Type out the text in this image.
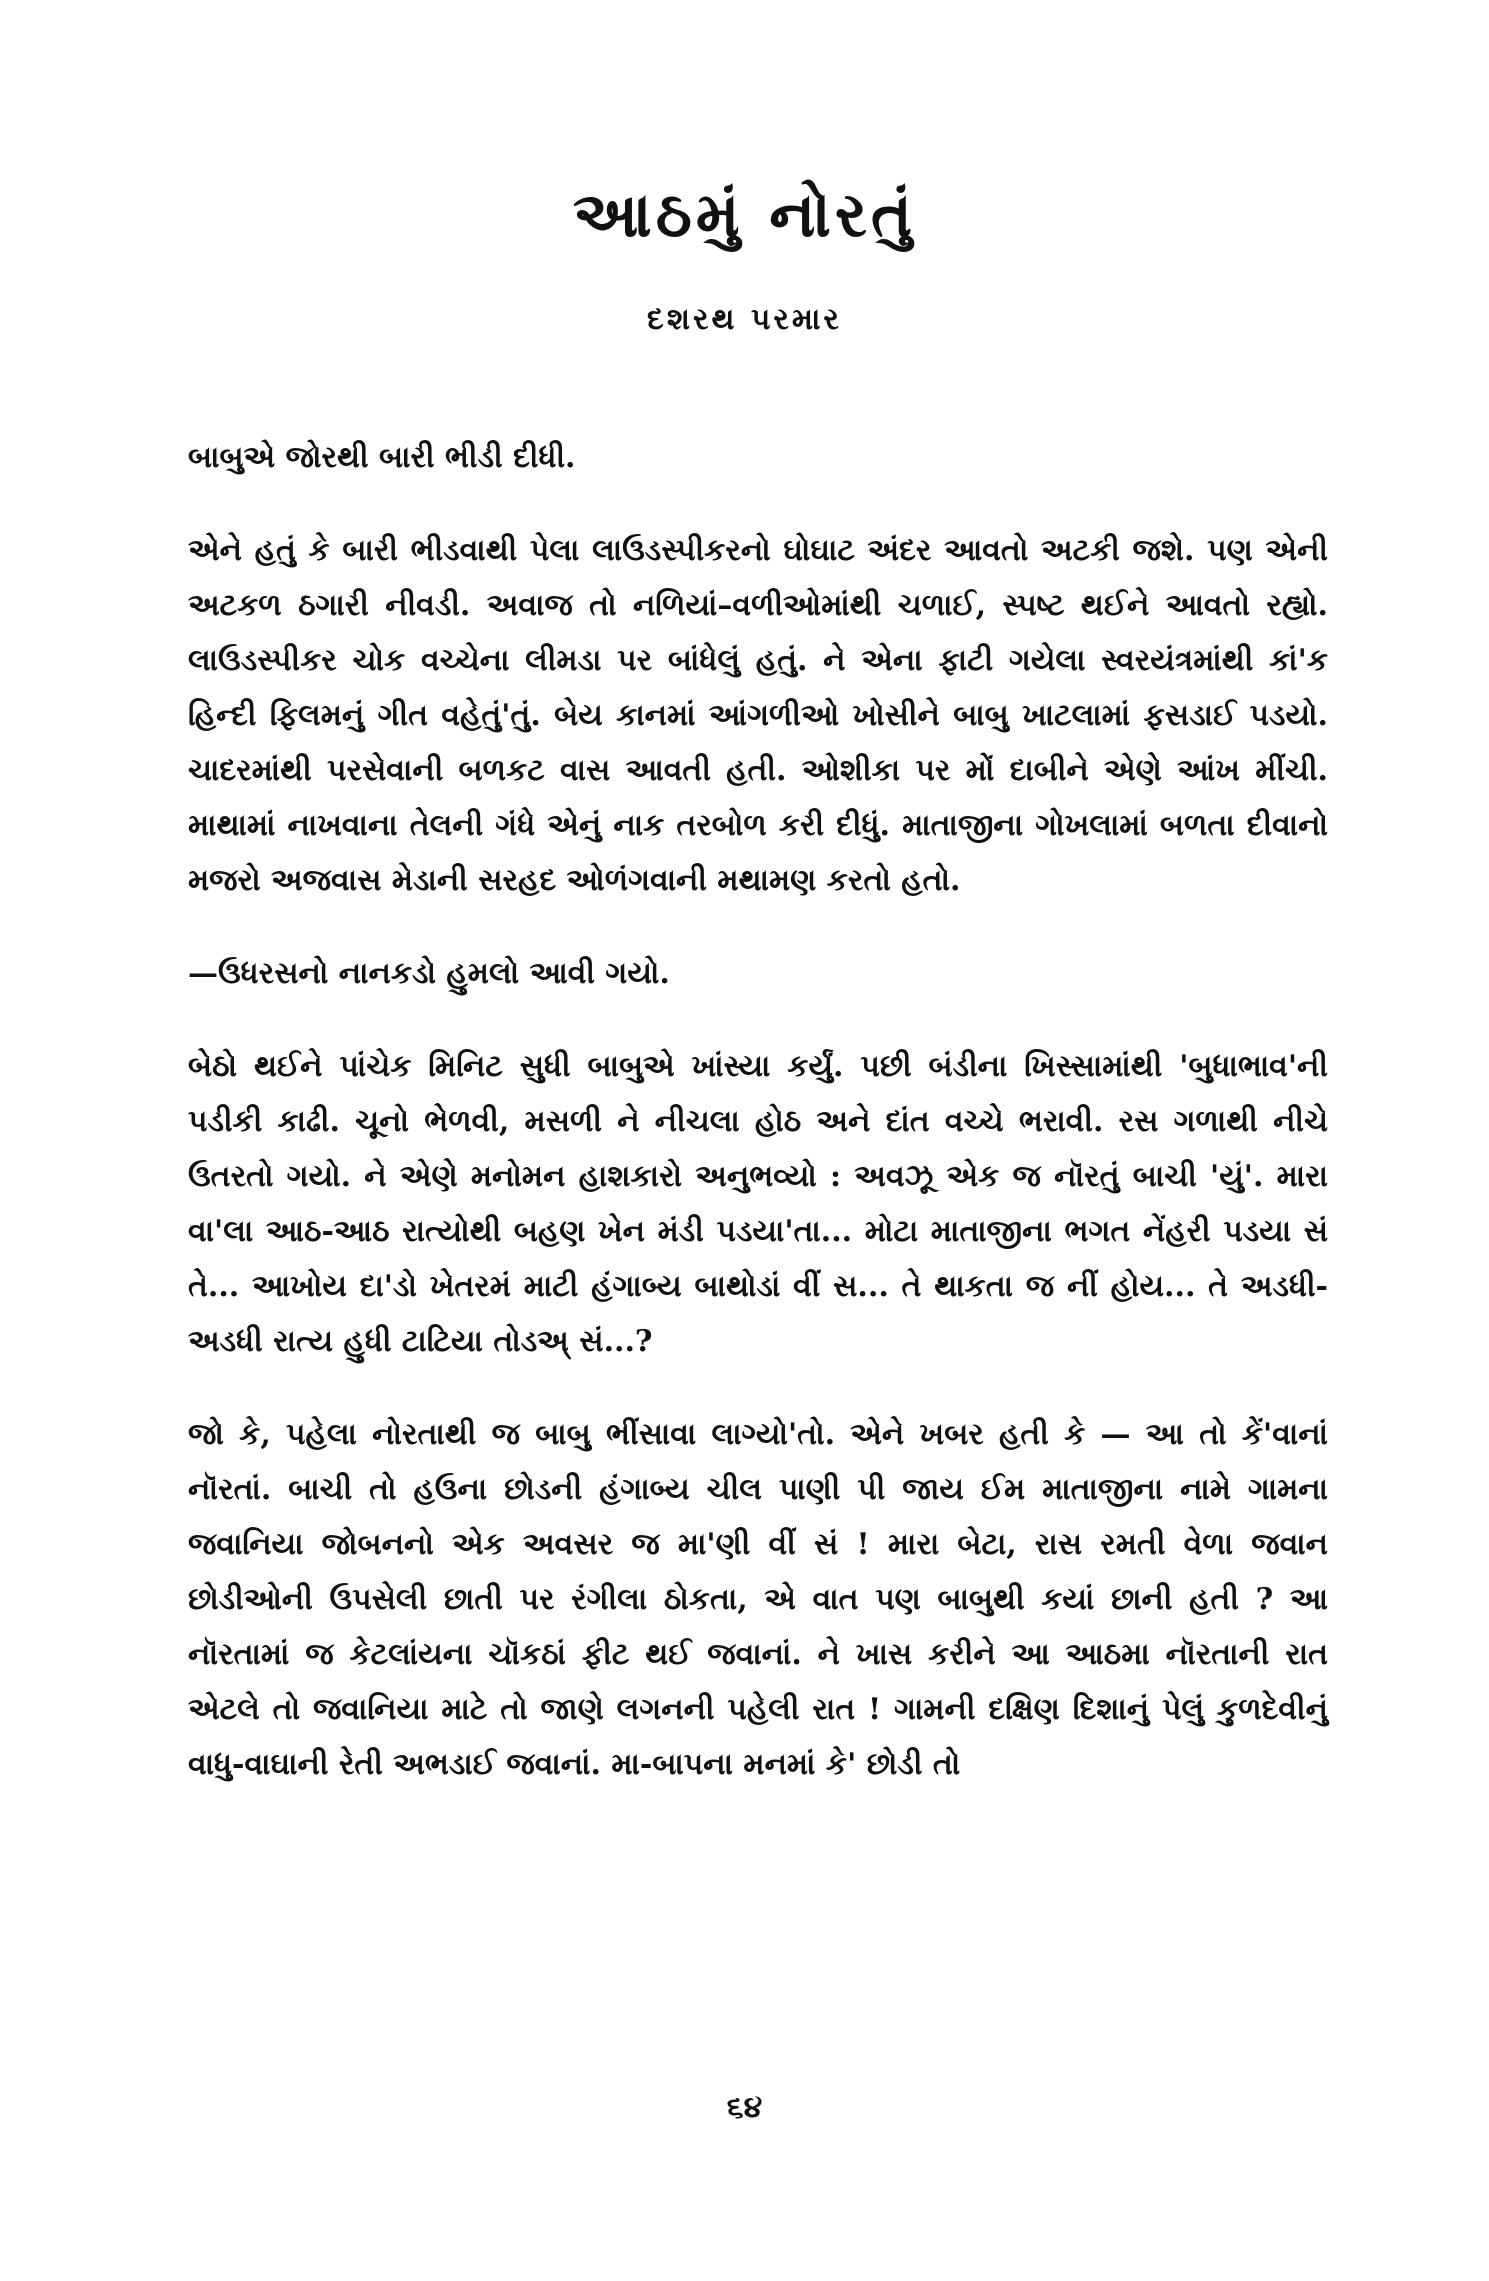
આઠમું નોરતું
દશરથ પરમાર

બાબુએ જોરથી બારી ભીડી દીધી.

એને હતું કે બારી ભીડવાથી પેલા લાઉડસ્પીકરનો ઘોઘાટ અંદર આવતો અટકી જશે. પણ એની અટકળ ઠગારી નીવડી. અવાજ તો નળિયાં–વળીઓમાંથી ચળાઈ, સ્પષ્ટ થઈને આવતો રહ્યો. લાઉડસ્પીકર ચોક વચ્ચેના લીમડા પર બાંધેલું હતું. ને એના ફાટી ગયેલા સ્વરયંત્રમાંથી કાં'ક હિન્દી ફિલમનું ગીત વહેતું'તું. બેય કાનમાં આંગળીઓ ખોસીને બાબુ ખાટલામાં ફસડાઈ પડયો. ચાદરમાંથી પરસેવાની બળકટ વાસ આવતી હતી. ઓશીકા પર મોં દાબીને એણે આંખ મીંચી. માથામાં નાખવાના તેલની ગંધે એનું નાક તરબોળ કરી દીધું. માતાજીના ગોખલામાં બળતા દીવાનો મજરો અજવાસ મેડાની સરહદ ઓળંગવાની મથામણ કરતો હતો.

—ઉધરસનો નાનકડો હુમલો આવી ગયો.

બેઠો થઈને પાંચેક મિનિટ સુધી બાબુએ ખાંસ્યા કર્યું. પછી બંડીના ખિસ્સામાંથી 'બુધાભાવ'ની પડીકી કાઢી. ચૂનો ભેળવી, મસળી ને નીચલા હોઠ અને દાંત વચ્ચે ભરાવી. રસ ગળાથી નીચે ઉતરતો ગયો. ને એણે મનોમન હાશકારો અનુભવ્યો : અવઝૂ એક જ નૉરતું બાચી 'યું'. મારા વા'લા આઠ-આઠ રાત્યોથી બહણ ખેન મંડી પડયા'તા... મોટા માતાજીના ભગત નેંહરી પડયા સં તે... આખોય દા'ડો ખેતરમં માટી હંગાબ્ય બાથોડાં વીં સ... તે થાકતા જ નીં હોય... તે અડધી-અડધી રાત્ય હુધી ટાટિયા તોડઅ્ સં...?

જો કે, પહેલા નોરતાથી જ બાબુ ભીંસાવા લાગ્યો'તો. એને ખબર હતી કે — આ તો કેં'વાનાં નૉરતાં. બાચી તો હઉના છોડની હંગાબ્ય ચીલ પાણી પી જાય ઈમ માતાજીના નામે ગામના જવાનિયા જોબનનો એક અવસર જ મા'ણી વીં સં ! મારા બેટા, રાસ રમતી વેળા જવાન છોડીઓની ઉપસેલી છાતી પર રંગીલા ઠોકતા, એ વાત પણ બાબુથી કયાં છાની હતી ? આ નૉરતામાં જ કેટલાંયના ચૉકઠાં ફીટ થઈ જવાનાં. ને ખાસ કરીને આ આઠમા નૉરતાની રાત એટલે તો જવાનિયા માટે તો જાણે લગનની પહેલી રાત ! ગામની દક્ષિણ દિશાનું પેલું કુળદેવીનું વાધુ-વાઘાની રેતી અભડાઈ જવાનાં. મા-બાપના મનમાં કે' છોડી તો

૬૪
